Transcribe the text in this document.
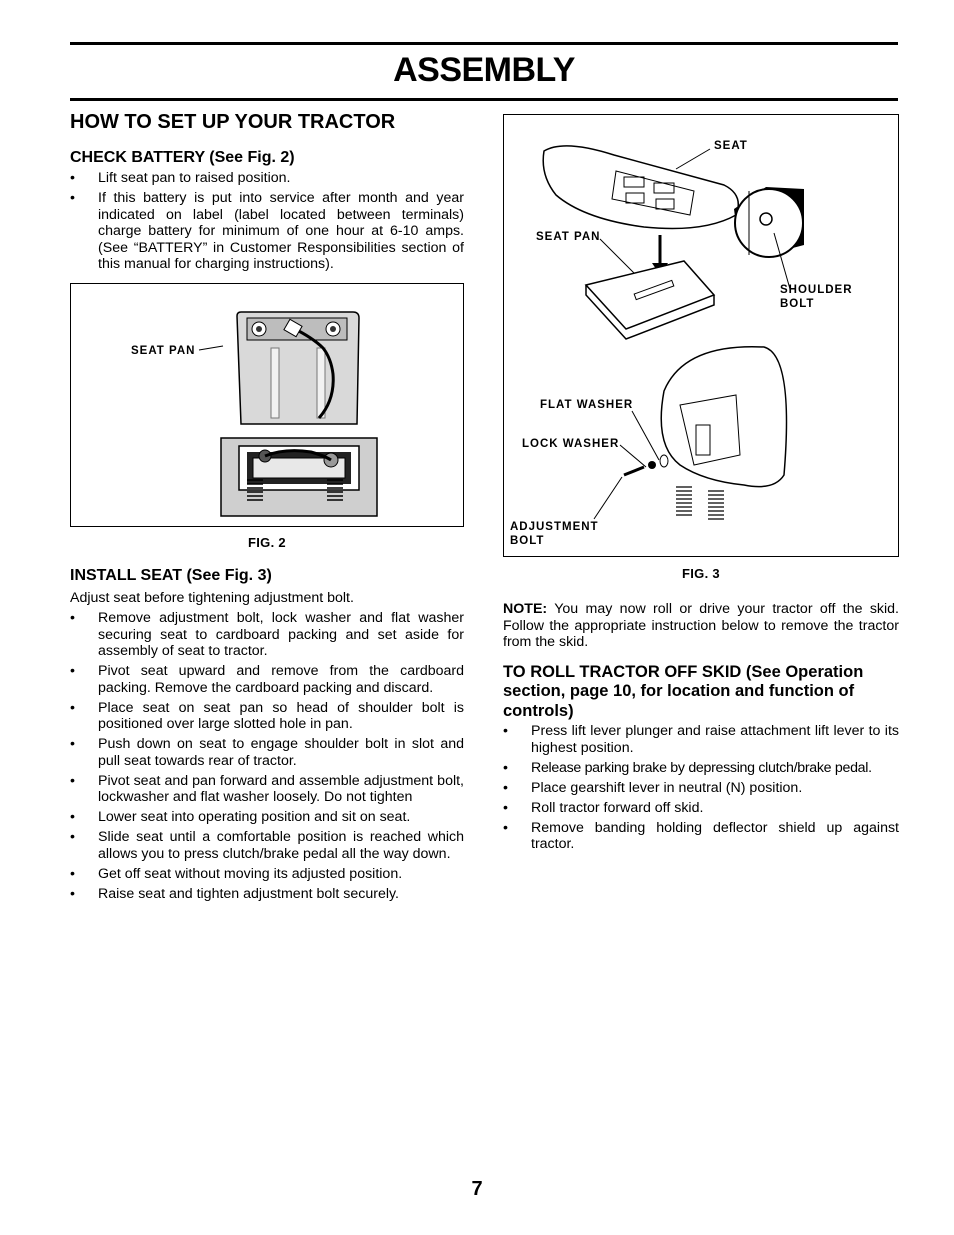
ASSEMBLY
HOW TO SET UP YOUR TRACTOR
CHECK BATTERY (See Fig. 2)
• Lift seat pan to raised position.
• If this battery is put into service after month and year indicated on label (label located between terminals) charge battery for minimum of one hour at 6-10 amps. (See “BATTERY” in Customer Responsibilities section of this manual for charging instructions).
SEAT PAN
FIG. 2
INSTALL SEAT (See Fig. 3)

Adjust seat before tightening adjustment bolt.

• Remove adjustment bolt, lock washer and flat washer securing seat to cardboard packing and set aside for assembly of seat to tractor.
• Pivot seat upward and remove from the cardboard packing. Remove the cardboard packing and discard.
• Place seat on seat pan so head of shoulder bolt is positioned over large slotted hole in pan.
• Push down on seat to engage shoulder bolt in slot and pull seat towards rear of tractor.
• Pivot seat and pan forward and assemble adjustment bolt, lockwasher and flat washer loosely. Do not tighten
• Lower seat into operating position and sit on seat.
• Slide seat until a comfortable position is reached which allows you to press clutch/brake pedal all the way down.
• Get off seat without moving its adjusted position.
• Raise seat and tighten adjustment bolt securely.
SEAT
SEAT PAN
SHOULDER
BOLT
FLAT WASHER
LOCK WASHER
ADJUSTMENT
BOLT
FIG. 3

NOTE: You may now roll or drive your tractor off the skid. Follow the appropriate instruction below to remove the tractor from the skid.

TO ROLL TRACTOR OFF SKID (See Operation section, page 10, for location and function of controls)
• Press lift lever plunger and raise attachment lift lever to its highest position.
• Release parking brake by depressing clutch/brake pedal.
• Place gearshift lever in neutral (N) position.
• Roll tractor forward off skid.
• Remove banding holding deflector shield up against tractor.
7
